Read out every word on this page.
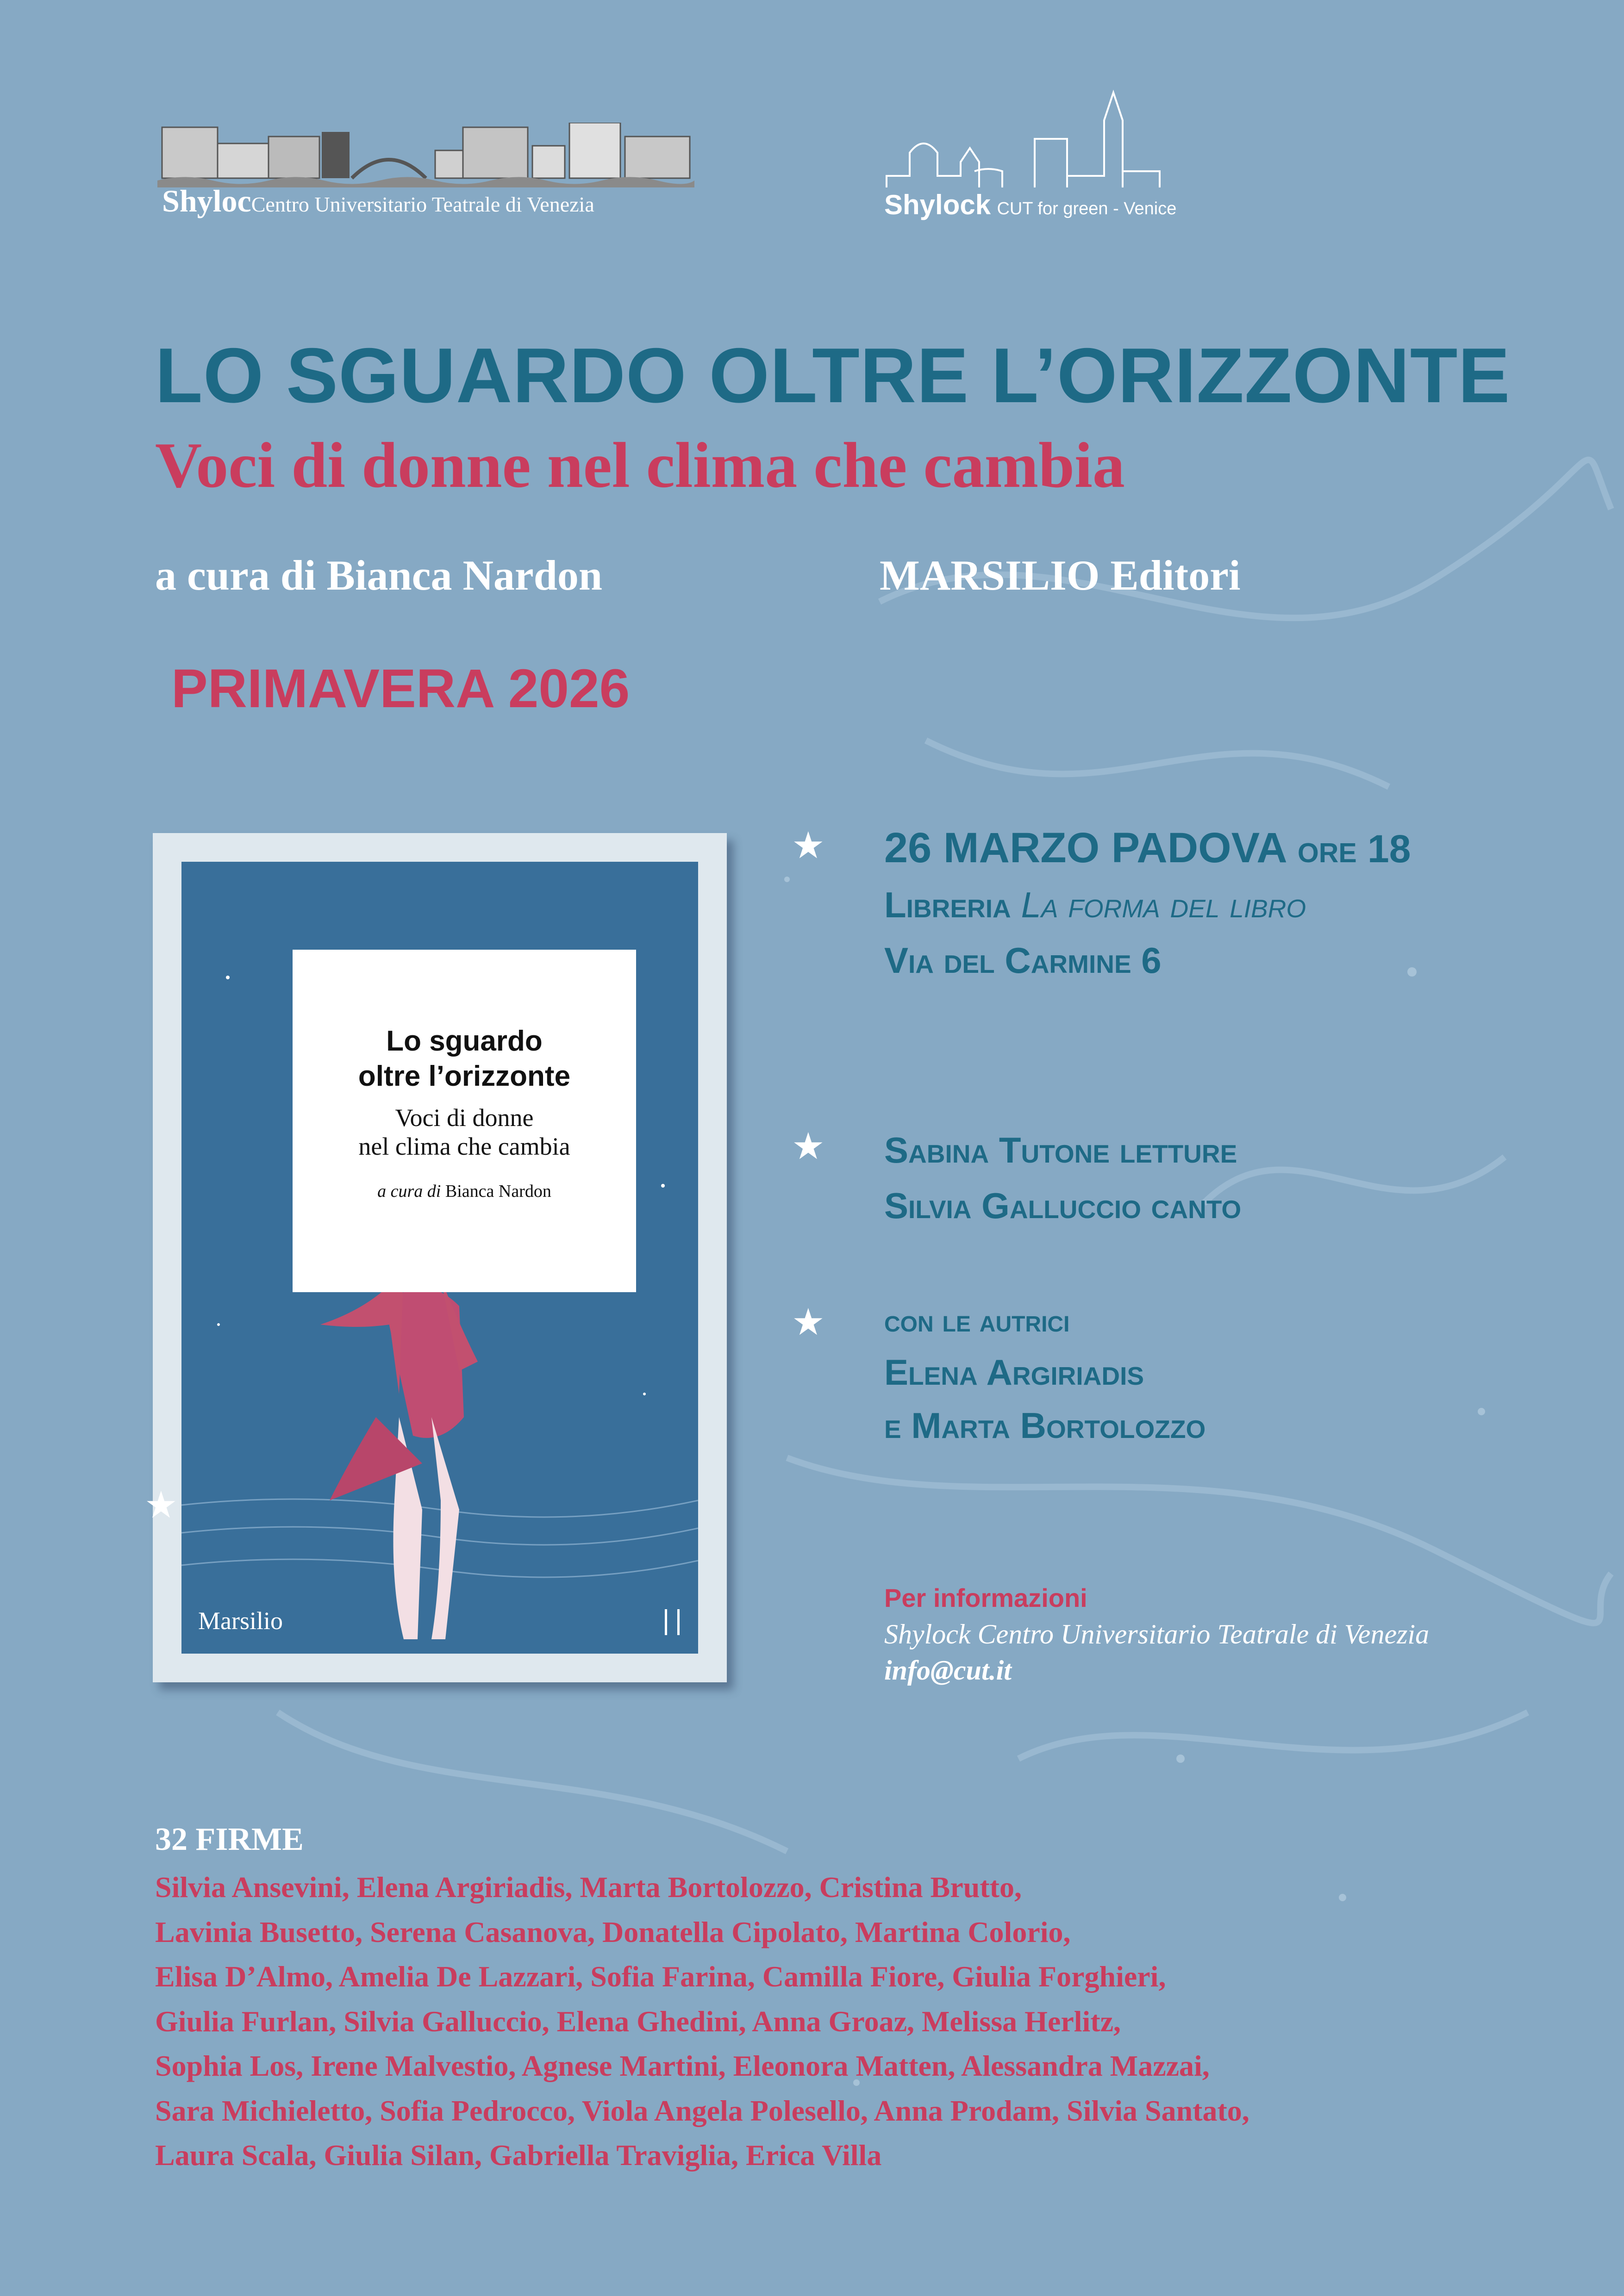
ShylocCentro Universitario Teatrale di Venezia	Shylock CUT for green - Venice
LO SGUARDO OLTRE L’ORIZZONTE
Voci di donne nel clima che cambia
a cura di Bianca Nardon	MARSILIO Editori
PRIMAVERA 2026
Lo sguardo
oltre l’orizzonte
Voci di donne
nel clima che cambia
a cura di Bianca Nardon
Marsilio
★
★ 26 MARZO PADOVA ore 18
Libreria La forma del libro
Via del Carmine 6
★ Sabina Tutone letture
Silvia Galluccio canto
★ con le autrici
Elena Argiriadis
e Marta Bortolozzo
Per informazioni
Shylock Centro Universitario Teatrale di Venezia
info@cut.it
32 FIRME
Silvia Ansevini, Elena Argiriadis, Marta Bortolozzo, Cristina Brutto,
Lavinia Busetto, Serena Casanova, Donatella Cipolato, Martina Colorio,
Elisa D’Almo, Amelia De Lazzari, Sofia Farina, Camilla Fiore, Giulia Forghieri,
Giulia Furlan, Silvia Galluccio, Elena Ghedini, Anna Groaz, Melissa Herlitz,
Sophia Los, Irene Malvestio, Agnese Martini, Eleonora Matten, Alessandra Mazzai,
Sara Michieletto, Sofia Pedrocco, Viola Angela Polesello, Anna Prodam, Silvia Santato,
Laura Scala, Giulia Silan, Gabriella Traviglia, Erica Villa
